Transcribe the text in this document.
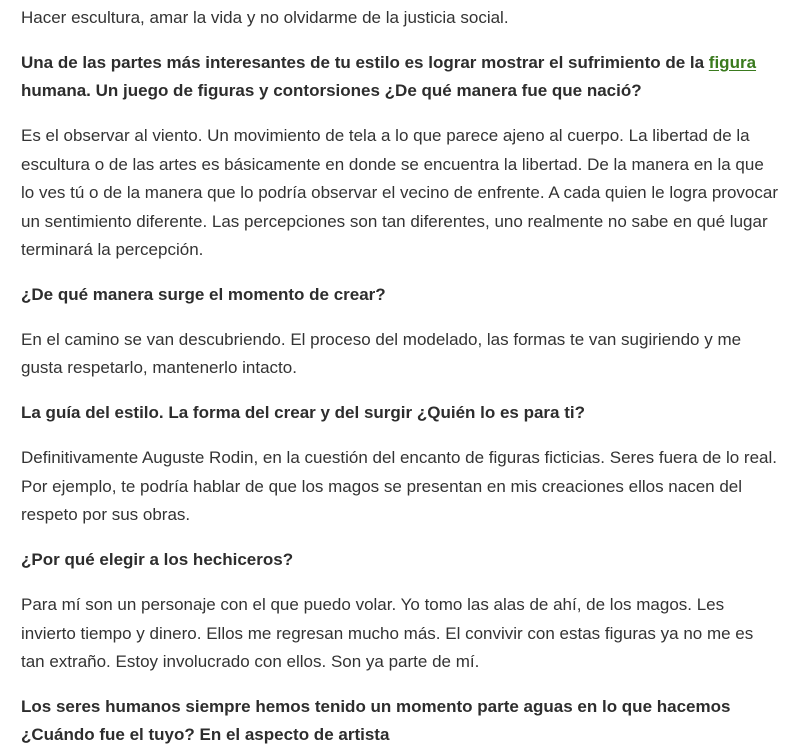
Hacer escultura, amar la vida y no olvidarme de la justicia social.

Una de las partes más interesantes de tu estilo es lograr mostrar el sufrimiento de la figura humana. Un juego de figuras y contorsiones ¿De qué manera fue que nació?

Es el observar al viento. Un movimiento de tela a lo que parece ajeno al cuerpo. La libertad de la escultura o de las artes es básicamente en donde se encuentra la libertad. De la manera en la que lo ves tú o de la manera que lo podría observar el vecino de enfrente. A cada quien le logra provocar un sentimiento diferente. Las percepciones son tan diferentes, uno realmente no sabe en qué lugar terminará la percepción.

¿De qué manera surge el momento de crear?

En el camino se van descubriendo. El proceso del modelado, las formas te van sugiriendo y me gusta respetarlo, mantenerlo intacto.

La guía del estilo. La forma del crear y del surgir ¿Quién lo es para ti?

Definitivamente Auguste Rodin, en la cuestión del encanto de figuras ficticias. Seres fuera de lo real. Por ejemplo, te podría hablar de que los magos se presentan en mis creaciones ellos nacen del respeto por sus obras.

¿Por qué elegir a los hechiceros?

Para mí son un personaje con el que puedo volar. Yo tomo las alas de ahí, de los magos. Les invierto tiempo y dinero. Ellos me regresan mucho más. El convivir con estas figuras ya no me es tan extraño. Estoy involucrado con ellos. Son ya parte de mí.

Los seres humanos siempre hemos tenido un momento parte aguas en lo que hacemos ¿Cuándo fue el tuyo? En el aspecto de artista
